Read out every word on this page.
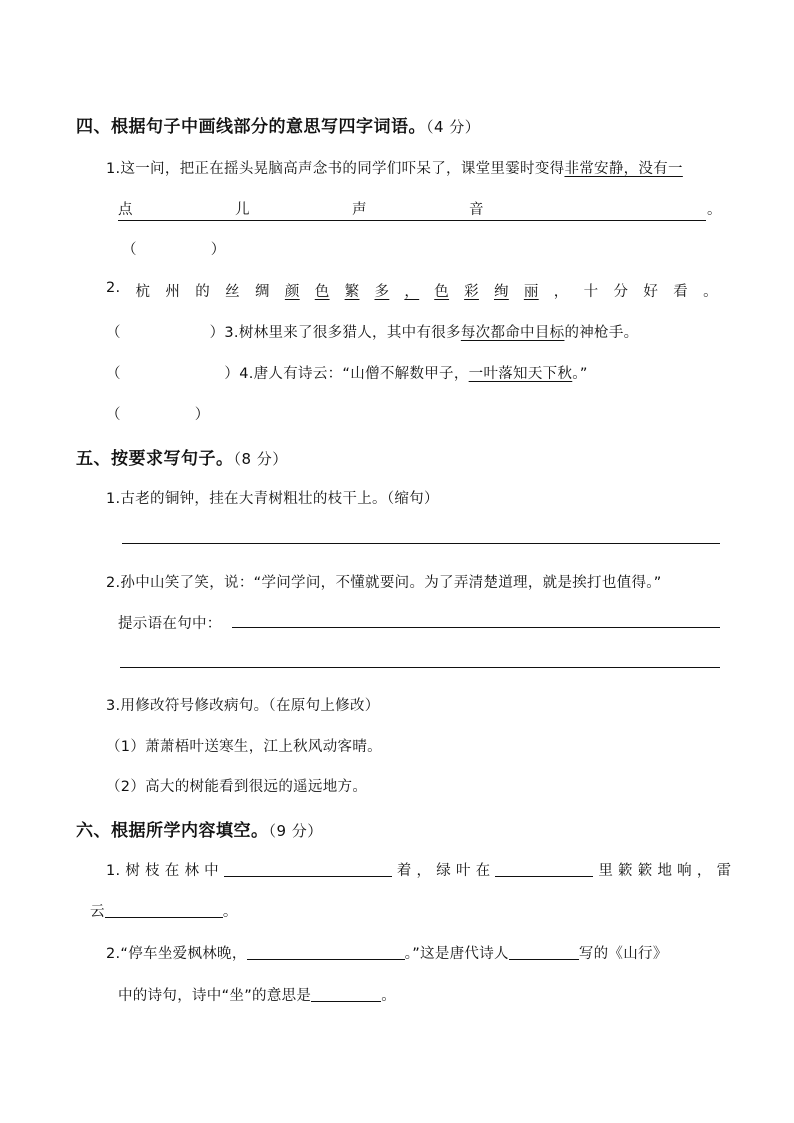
四、根据句子中画线部分的意思写四字词语。（4 分）
1.这一问，把正在摇头晃脑高声念书的同学们吓呆了，课堂里霎时变得非常安静，没有一
点	儿	声	音	。
（　　　　　）
2. 杭 州 的 丝 绸 颜 色 繁 多 ， 色 彩 绚 丽 ， 十 分 好 看 。
（　　　　　　）3.树林里来了很多猎人，其中有很多每次都命中目标的神枪手。
（　　　　　　　）4.唐人有诗云：“山僧不解数甲子，一叶落知天下秋。”
（　　　　　）
五、按要求写句子。（8 分）
1.古老的铜钟，挂在大青树粗壮的枝干上。（缩句）
2.孙中山笑了笑，说：“学问学问，不懂就要问。为了弄清楚道理，就是挨打也值得。”
提示语在句中：
3.用修改符号修改病句。（在原句上修改）
（1）萧萧梧叶送寒生，江上秋风动客晴。
（2）高大的树能看到很远的遥远地方。
六、根据所学内容填空。（9 分）
1. 树 枝 在 林 中	着 ， 绿 叶 在	里 簌 簌 地 响 ， 雷
云	。
2.“停车坐爱枫林晚，	。”这是唐代诗人	写的《山行》
中的诗句，诗中“坐”的意思是	。
